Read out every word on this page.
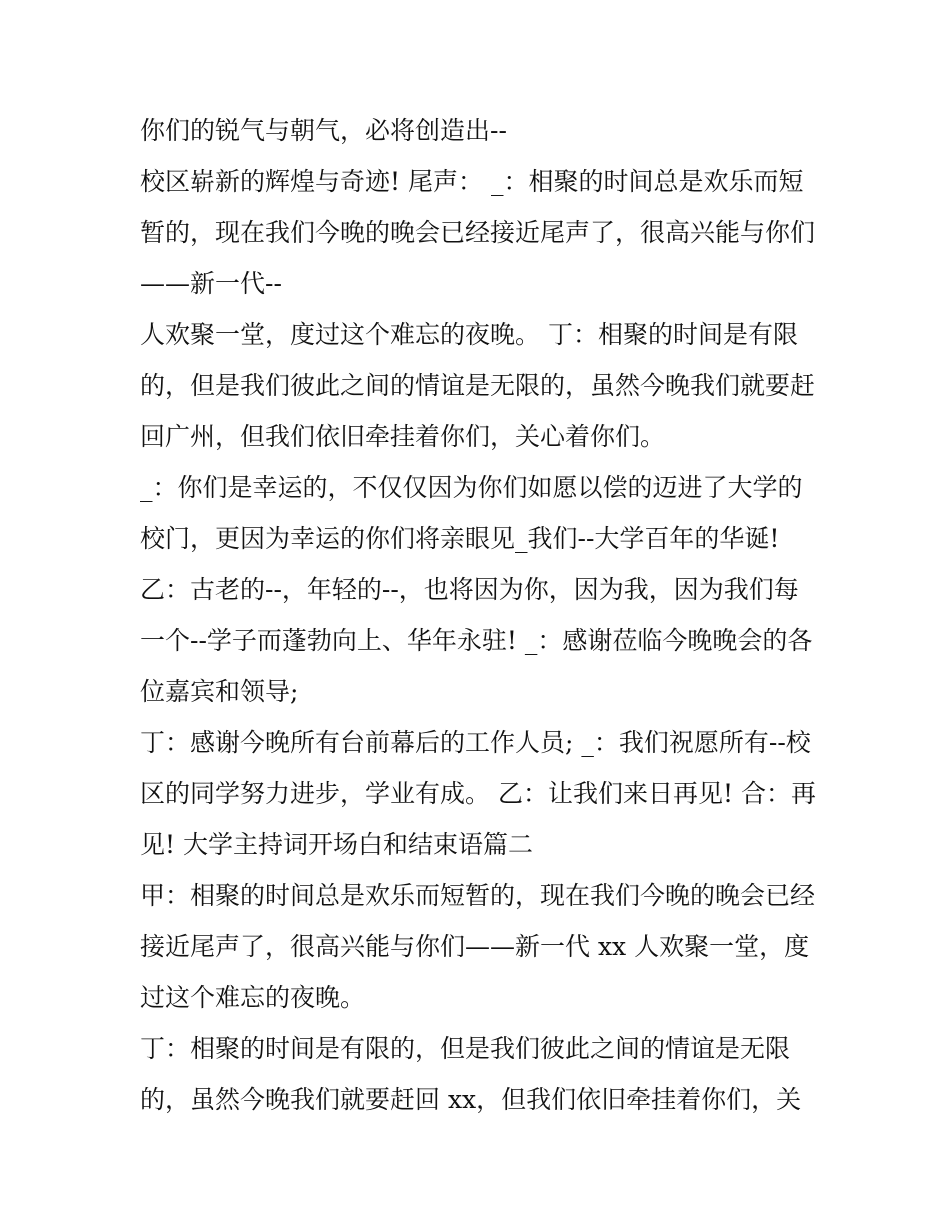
你们的锐气与朝气，必将创造出--
校区崭新的辉煌与奇迹! 尾声： _：相聚的时间总是欢乐而短
暂的，现在我们今晚的晚会已经接近尾声了，很高兴能与你们
——新一代--
人欢聚一堂，度过这个难忘的夜晚。 丁：相聚的时间是有限
的，但是我们彼此之间的情谊是无限的，虽然今晚我们就要赶
回广州，但我们依旧牵挂着你们，关心着你们。
_：你们是幸运的，不仅仅因为你们如愿以偿的迈进了大学的
校门，更因为幸运的你们将亲眼见_我们--大学百年的华诞!
乙：古老的--，年轻的--，也将因为你，因为我，因为我们每
一个--学子而蓬勃向上、华年永驻! _：感谢莅临今晚晚会的各
位嘉宾和领导;
丁：感谢今晚所有台前幕后的工作人员; _：我们祝愿所有--校
区的同学努力进步，学业有成。 乙：让我们来日再见! 合：再
见! 大学主持词开场白和结束语篇二
甲：相聚的时间总是欢乐而短暂的，现在我们今晚的晚会已经
接近尾声了，很高兴能与你们——新一代 xx 人欢聚一堂，度
过这个难忘的夜晚。
丁：相聚的时间是有限的，但是我们彼此之间的情谊是无限
的，虽然今晚我们就要赶回 xx，但我们依旧牵挂着你们，关
